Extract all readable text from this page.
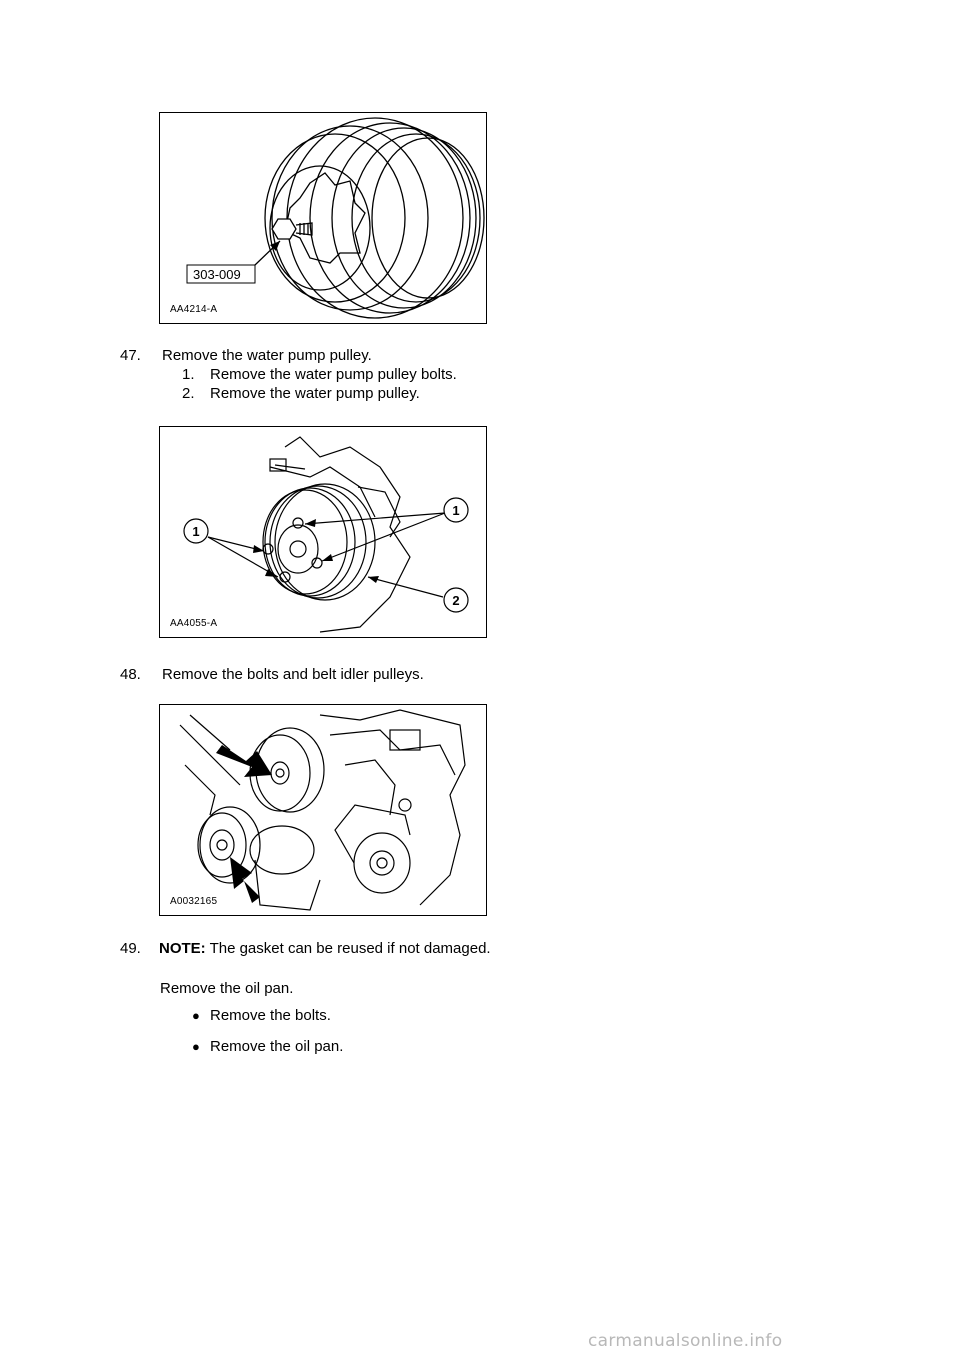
303-009
AA4214-A
47. Remove the water pump pulley.
1. Remove the water pump pulley bolts.
2. Remove the water pump pulley.
1
1
2
AA4055-A
48. Remove the bolts and belt idler pulleys.
A0032165
49. NOTE: The gasket can be reused if not damaged.
Remove the oil pan.
● Remove the bolts.
● Remove the oil pan.
carmanualsonline.info
